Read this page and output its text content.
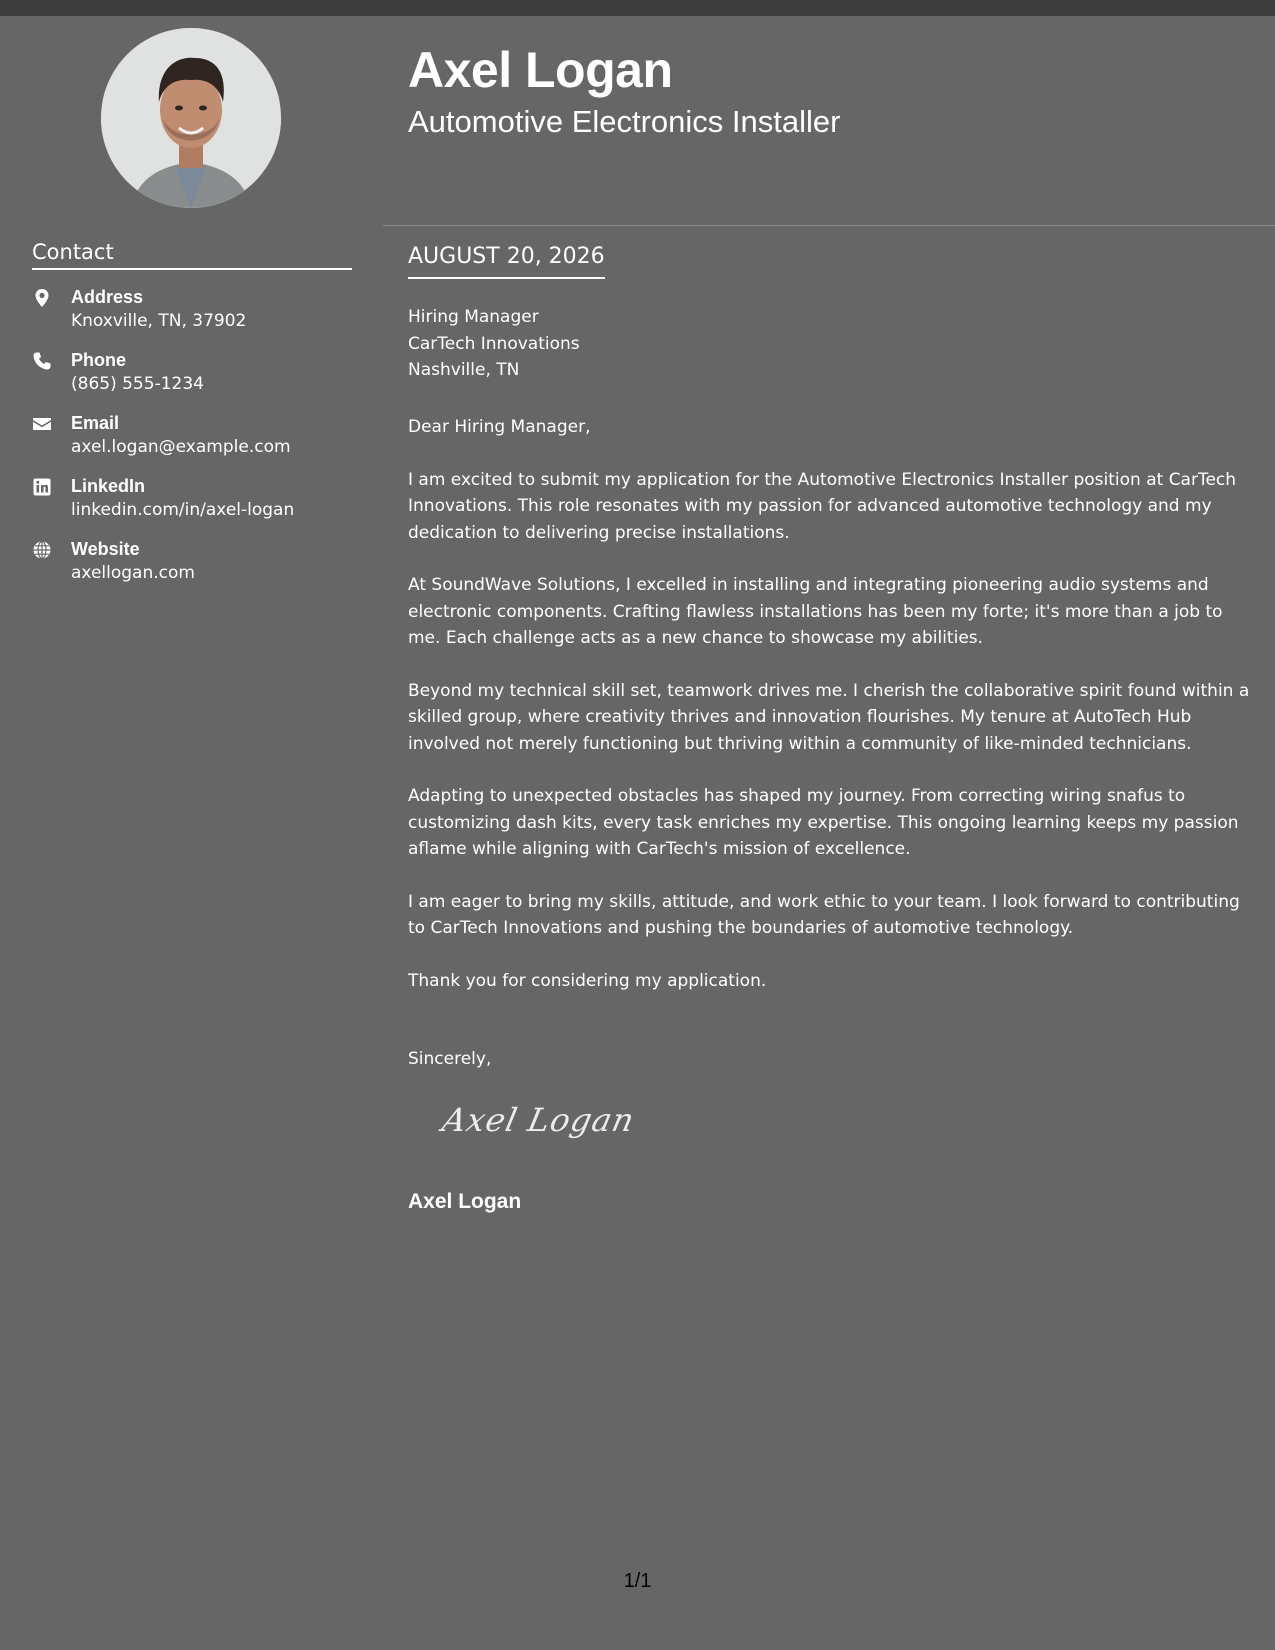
Contact
Address
Knoxville, TN, 37902
Phone
(865) 555-1234
Email
axel.logan@example.com
LinkedIn
linkedin.com/in/axel-logan
Website
axellogan.com
Axel Logan
Automotive Electronics Installer
AUGUST 20, 2026
Hiring Manager
CarTech Innovations
Nashville, TN

Dear Hiring Manager,

I am excited to submit my application for the Automotive Electronics Installer position at CarTech Innovations. This role resonates with my passion for advanced automotive technology and my dedication to delivering precise installations.

At SoundWave Solutions, I excelled in installing and integrating pioneering audio systems and electronic components. Crafting flawless installations has been my forte; it's more than a job to me. Each challenge acts as a new chance to showcase my abilities.

Beyond my technical skill set, teamwork drives me. I cherish the collaborative spirit found within a skilled group, where creativity thrives and innovation flourishes. My tenure at AutoTech Hub involved not merely functioning but thriving within a community of like-minded technicians.

Adapting to unexpected obstacles has shaped my journey. From correcting wiring snafus to customizing dash kits, every task enriches my expertise. This ongoing learning keeps my passion aflame while aligning with CarTech's mission of excellence.

I am eager to bring my skills, attitude, and work ethic to your team. I look forward to contributing to CarTech Innovations and pushing the boundaries of automotive technology.

Thank you for considering my application.

Sincerely,
Axel Logan
Axel Logan
1/1
